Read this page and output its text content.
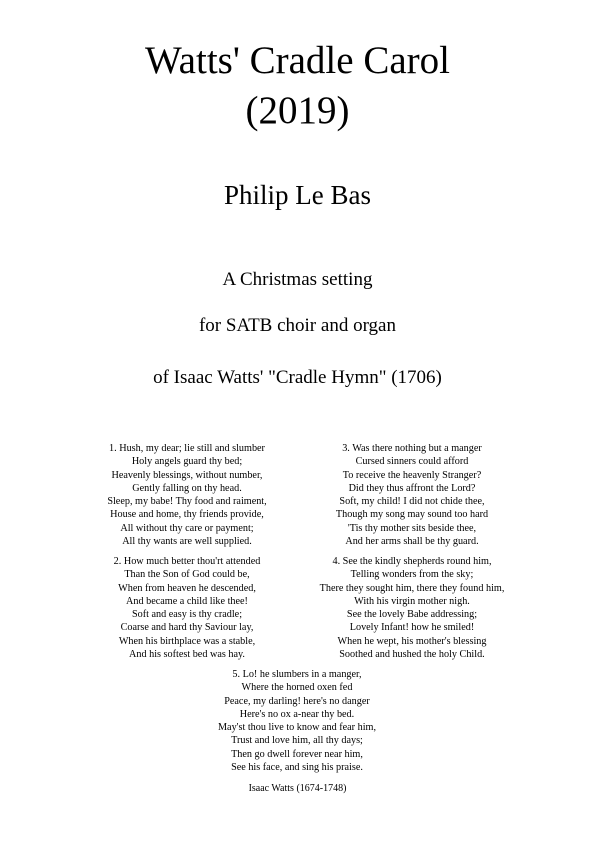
Watts' Cradle Carol
(2019)
Philip Le Bas
A Christmas setting
for SATB choir and organ
of Isaac Watts' "Cradle Hymn" (1706)
1. Hush, my dear; lie still and slumber
Holy angels guard thy bed;
Heavenly blessings, without number,
Gently falling on thy head.
Sleep, my babe! Thy food and raiment,
House and home, thy friends provide,
All without thy care or payment;
All thy wants are well supplied.
3. Was there nothing but a manger
Cursed sinners could afford
To receive the heavenly Stranger?
Did they thus affront the Lord?
Soft, my child! I did not chide thee,
Though my song may sound too hard
'Tis thy mother sits beside thee,
And her arms shall be thy guard.
2. How much better thou'rt attended
Than the Son of God could be,
When from heaven he descended,
And became a child like thee!
Soft and easy is thy cradle;
Coarse and hard thy Saviour lay,
When his birthplace was a stable,
And his softest bed was hay.
4. See the kindly shepherds round him,
Telling wonders from the sky;
There they sought him, there they found him,
With his virgin mother nigh.
See the lovely Babe addressing;
Lovely Infant! how he smiled!
When he wept, his mother's blessing
Soothed and hushed the holy Child.
5. Lo! he slumbers in a manger,
Where the horned oxen fed
Peace, my darling! here's no danger
Here's no ox a-near thy bed.
May'st thou live to know and fear him,
Trust and love him, all thy days;
Then go dwell forever near him,
See his face, and sing his praise.
Isaac Watts (1674-1748)
